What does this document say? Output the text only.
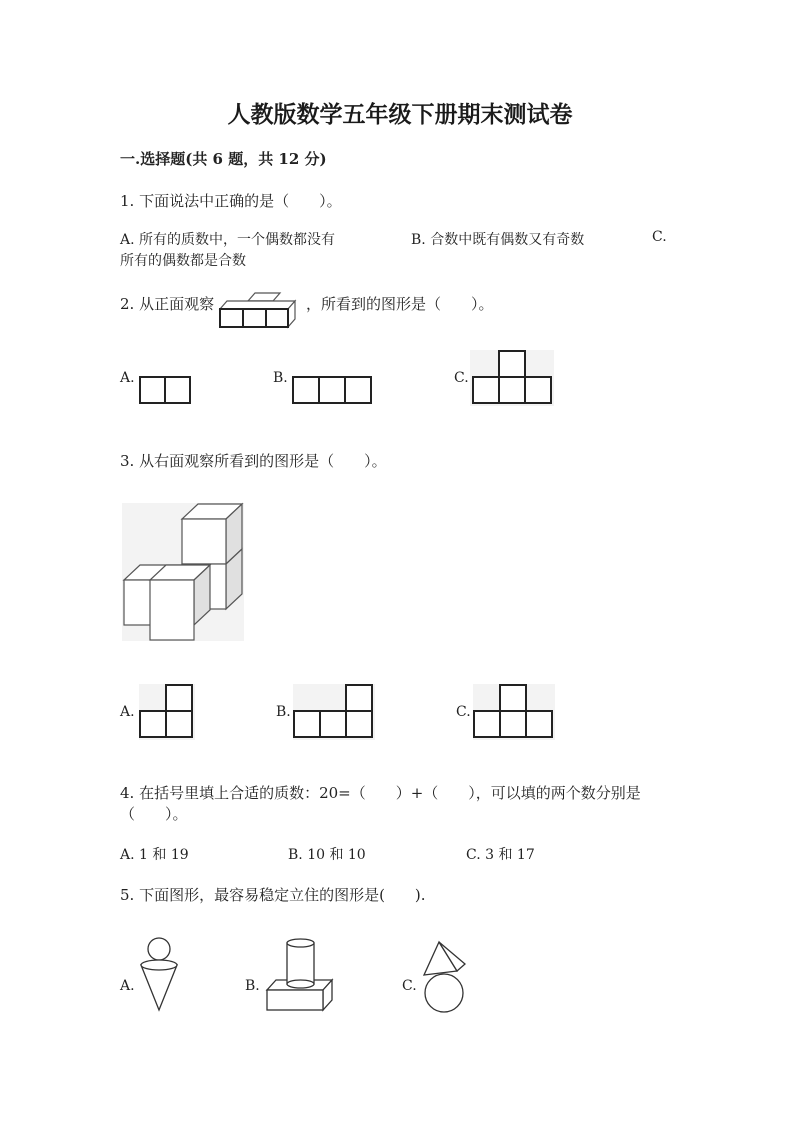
人教版数学五年级下册期末测试卷
一.选择题(共 6 题，共 12 分)
1. 下面说法中正确的是（　　）。
A. 所有的质数中，一个偶数都没有	B. 合数中既有偶数又有奇数	C.
所有的偶数都是合数
2. 从正面观察	，所看到的图形是（　　）。
A.	B.	C.
3. 从右面观察所看到的图形是（　　）。
A.	B.	C.
4. 在括号里填上合适的质数：20=（　　）+（　　），可以填的两个数分别是
（　　）。
A. 1 和 19	B. 10 和 10	C. 3 和 17
5. 下面图形，最容易稳定立住的图形是(　　).
A.	B.	C.
